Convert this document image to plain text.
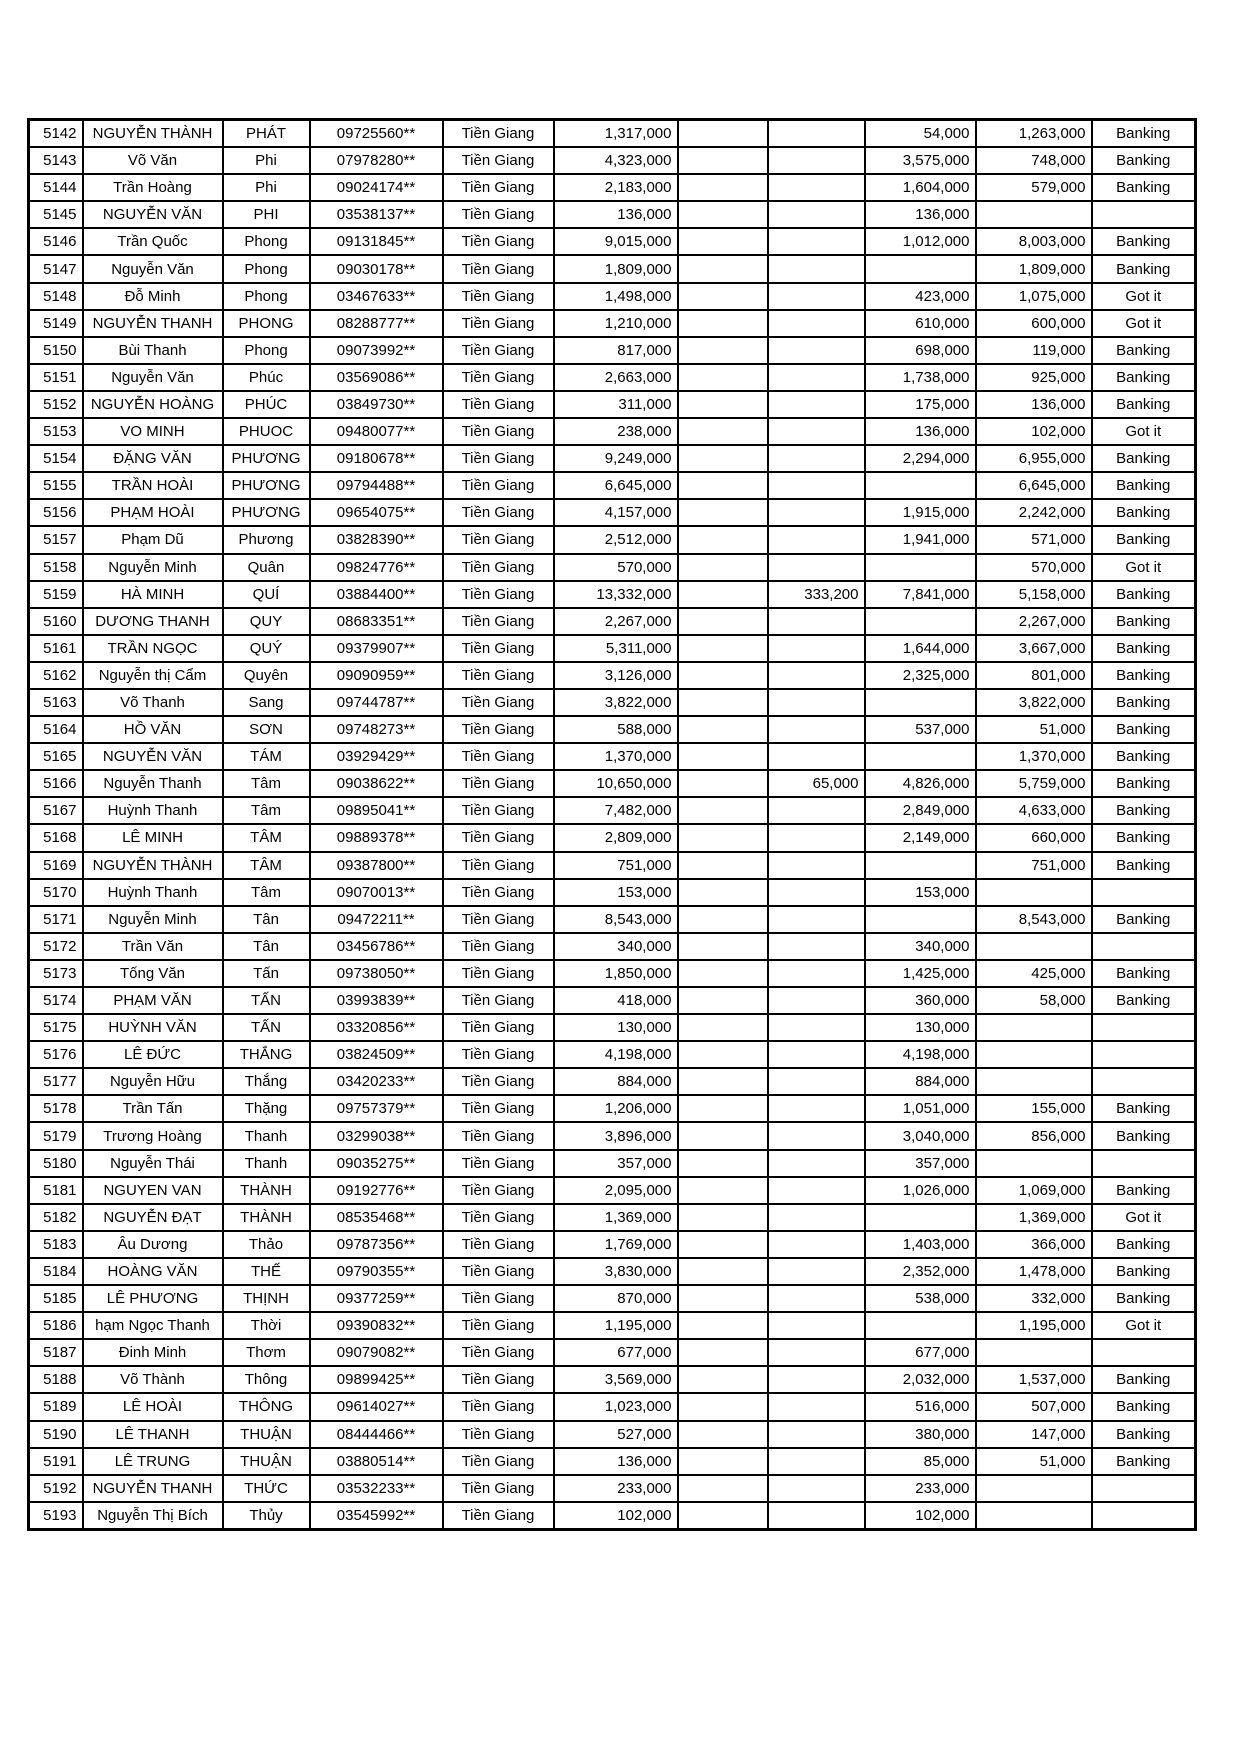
5142	NGUYỄN THÀNH	PHÁT	09725560**	Tiền Giang	1,317,000			54,000	1,263,000	Banking
5143	Võ Văn	Phi	07978280**	Tiền Giang	4,323,000			3,575,000	748,000	Banking
5144	Trần Hoàng	Phi	09024174**	Tiền Giang	2,183,000			1,604,000	579,000	Banking
5145	NGUYỄN VĂN	PHI	03538137**	Tiền Giang	136,000			136,000		
5146	Trần Quốc	Phong	09131845**	Tiền Giang	9,015,000			1,012,000	8,003,000	Banking
5147	Nguyễn Văn	Phong	09030178**	Tiền Giang	1,809,000				1,809,000	Banking
5148	Đỗ Minh	Phong	03467633**	Tiền Giang	1,498,000			423,000	1,075,000	Got it
5149	NGUYỄN THANH	PHONG	08288777**	Tiền Giang	1,210,000			610,000	600,000	Got it
5150	Bùi Thanh	Phong	09073992**	Tiền Giang	817,000			698,000	119,000	Banking
5151	Nguyễn Văn	Phúc	03569086**	Tiền Giang	2,663,000			1,738,000	925,000	Banking
5152	NGUYỄN HOÀNG	PHÚC	03849730**	Tiền Giang	311,000			175,000	136,000	Banking
5153	VO MINH	PHUOC	09480077**	Tiền Giang	238,000			136,000	102,000	Got it
5154	ĐẶNG VĂN	PHƯƠNG	09180678**	Tiền Giang	9,249,000			2,294,000	6,955,000	Banking
5155	TRẦN HOÀI	PHƯƠNG	09794488**	Tiền Giang	6,645,000				6,645,000	Banking
5156	PHẠM HOÀI	PHƯƠNG	09654075**	Tiền Giang	4,157,000			1,915,000	2,242,000	Banking
5157	Phạm Dũ	Phương	03828390**	Tiền Giang	2,512,000			1,941,000	571,000	Banking
5158	Nguyễn Minh	Quân	09824776**	Tiền Giang	570,000				570,000	Got it
5159	HÀ MINH	QUÍ	03884400**	Tiền Giang	13,332,000		333,200	7,841,000	5,158,000	Banking
5160	DƯƠNG THANH	QUY	08683351**	Tiền Giang	2,267,000				2,267,000	Banking
5161	TRẦN NGỌC	QUÝ	09379907**	Tiền Giang	5,311,000			1,644,000	3,667,000	Banking
5162	Nguyễn thị Cẩm	Quyên	09090959**	Tiền Giang	3,126,000			2,325,000	801,000	Banking
5163	Võ Thanh	Sang	09744787**	Tiền Giang	3,822,000				3,822,000	Banking
5164	HỒ VĂN	SƠN	09748273**	Tiền Giang	588,000			537,000	51,000	Banking
5165	NGUYỄN VĂN	TÁM	03929429**	Tiền Giang	1,370,000				1,370,000	Banking
5166	Nguyễn Thanh	Tâm	09038622**	Tiền Giang	10,650,000		65,000	4,826,000	5,759,000	Banking
5167	Huỳnh Thanh	Tâm	09895041**	Tiền Giang	7,482,000			2,849,000	4,633,000	Banking
5168	LÊ MINH	TÂM	09889378**	Tiền Giang	2,809,000			2,149,000	660,000	Banking
5169	NGUYỄN THÀNH	TÂM	09387800**	Tiền Giang	751,000				751,000	Banking
5170	Huỳnh Thanh	Tâm	09070013**	Tiền Giang	153,000			153,000		
5171	Nguyễn Minh	Tân	09472211**	Tiền Giang	8,543,000				8,543,000	Banking
5172	Trần Văn	Tân	03456786**	Tiền Giang	340,000			340,000		
5173	Tống Văn	Tấn	09738050**	Tiền Giang	1,850,000			1,425,000	425,000	Banking
5174	PHẠM VĂN	TẤN	03993839**	Tiền Giang	418,000			360,000	58,000	Banking
5175	HUỲNH VĂN	TẤN	03320856**	Tiền Giang	130,000			130,000		
5176	LÊ ĐỨC	THẮNG	03824509**	Tiền Giang	4,198,000			4,198,000		
5177	Nguyễn Hữu	Thắng	03420233**	Tiền Giang	884,000			884,000		
5178	Trần Tấn	Thặng	09757379**	Tiền Giang	1,206,000			1,051,000	155,000	Banking
5179	Trương Hoàng	Thanh	03299038**	Tiền Giang	3,896,000			3,040,000	856,000	Banking
5180	Nguyễn Thái	Thanh	09035275**	Tiền Giang	357,000			357,000		
5181	NGUYEN VAN	THÀNH	09192776**	Tiền Giang	2,095,000			1,026,000	1,069,000	Banking
5182	NGUYỄN ĐẠT	THÀNH	08535468**	Tiền Giang	1,369,000				1,369,000	Got it
5183	Âu Dương	Thảo	09787356**	Tiền Giang	1,769,000			1,403,000	366,000	Banking
5184	HOÀNG VĂN	THẾ	09790355**	Tiền Giang	3,830,000			2,352,000	1,478,000	Banking
5185	LÊ PHƯƠNG	THỊNH	09377259**	Tiền Giang	870,000			538,000	332,000	Banking
5186	hạm Ngọc Thanh	Thời	09390832**	Tiền Giang	1,195,000				1,195,000	Got it
5187	Đinh Minh	Thơm	09079082**	Tiền Giang	677,000			677,000		
5188	Võ Thành	Thông	09899425**	Tiền Giang	3,569,000			2,032,000	1,537,000	Banking
5189	LÊ HOÀI	THÔNG	09614027**	Tiền Giang	1,023,000			516,000	507,000	Banking
5190	LÊ THANH	THUẬN	08444466**	Tiền Giang	527,000			380,000	147,000	Banking
5191	LÊ TRUNG	THUẬN	03880514**	Tiền Giang	136,000			85,000	51,000	Banking
5192	NGUYỄN THANH	THỨC	03532233**	Tiền Giang	233,000			233,000		
5193	Nguyễn Thị Bích	Thủy	03545992**	Tiền Giang	102,000			102,000		
